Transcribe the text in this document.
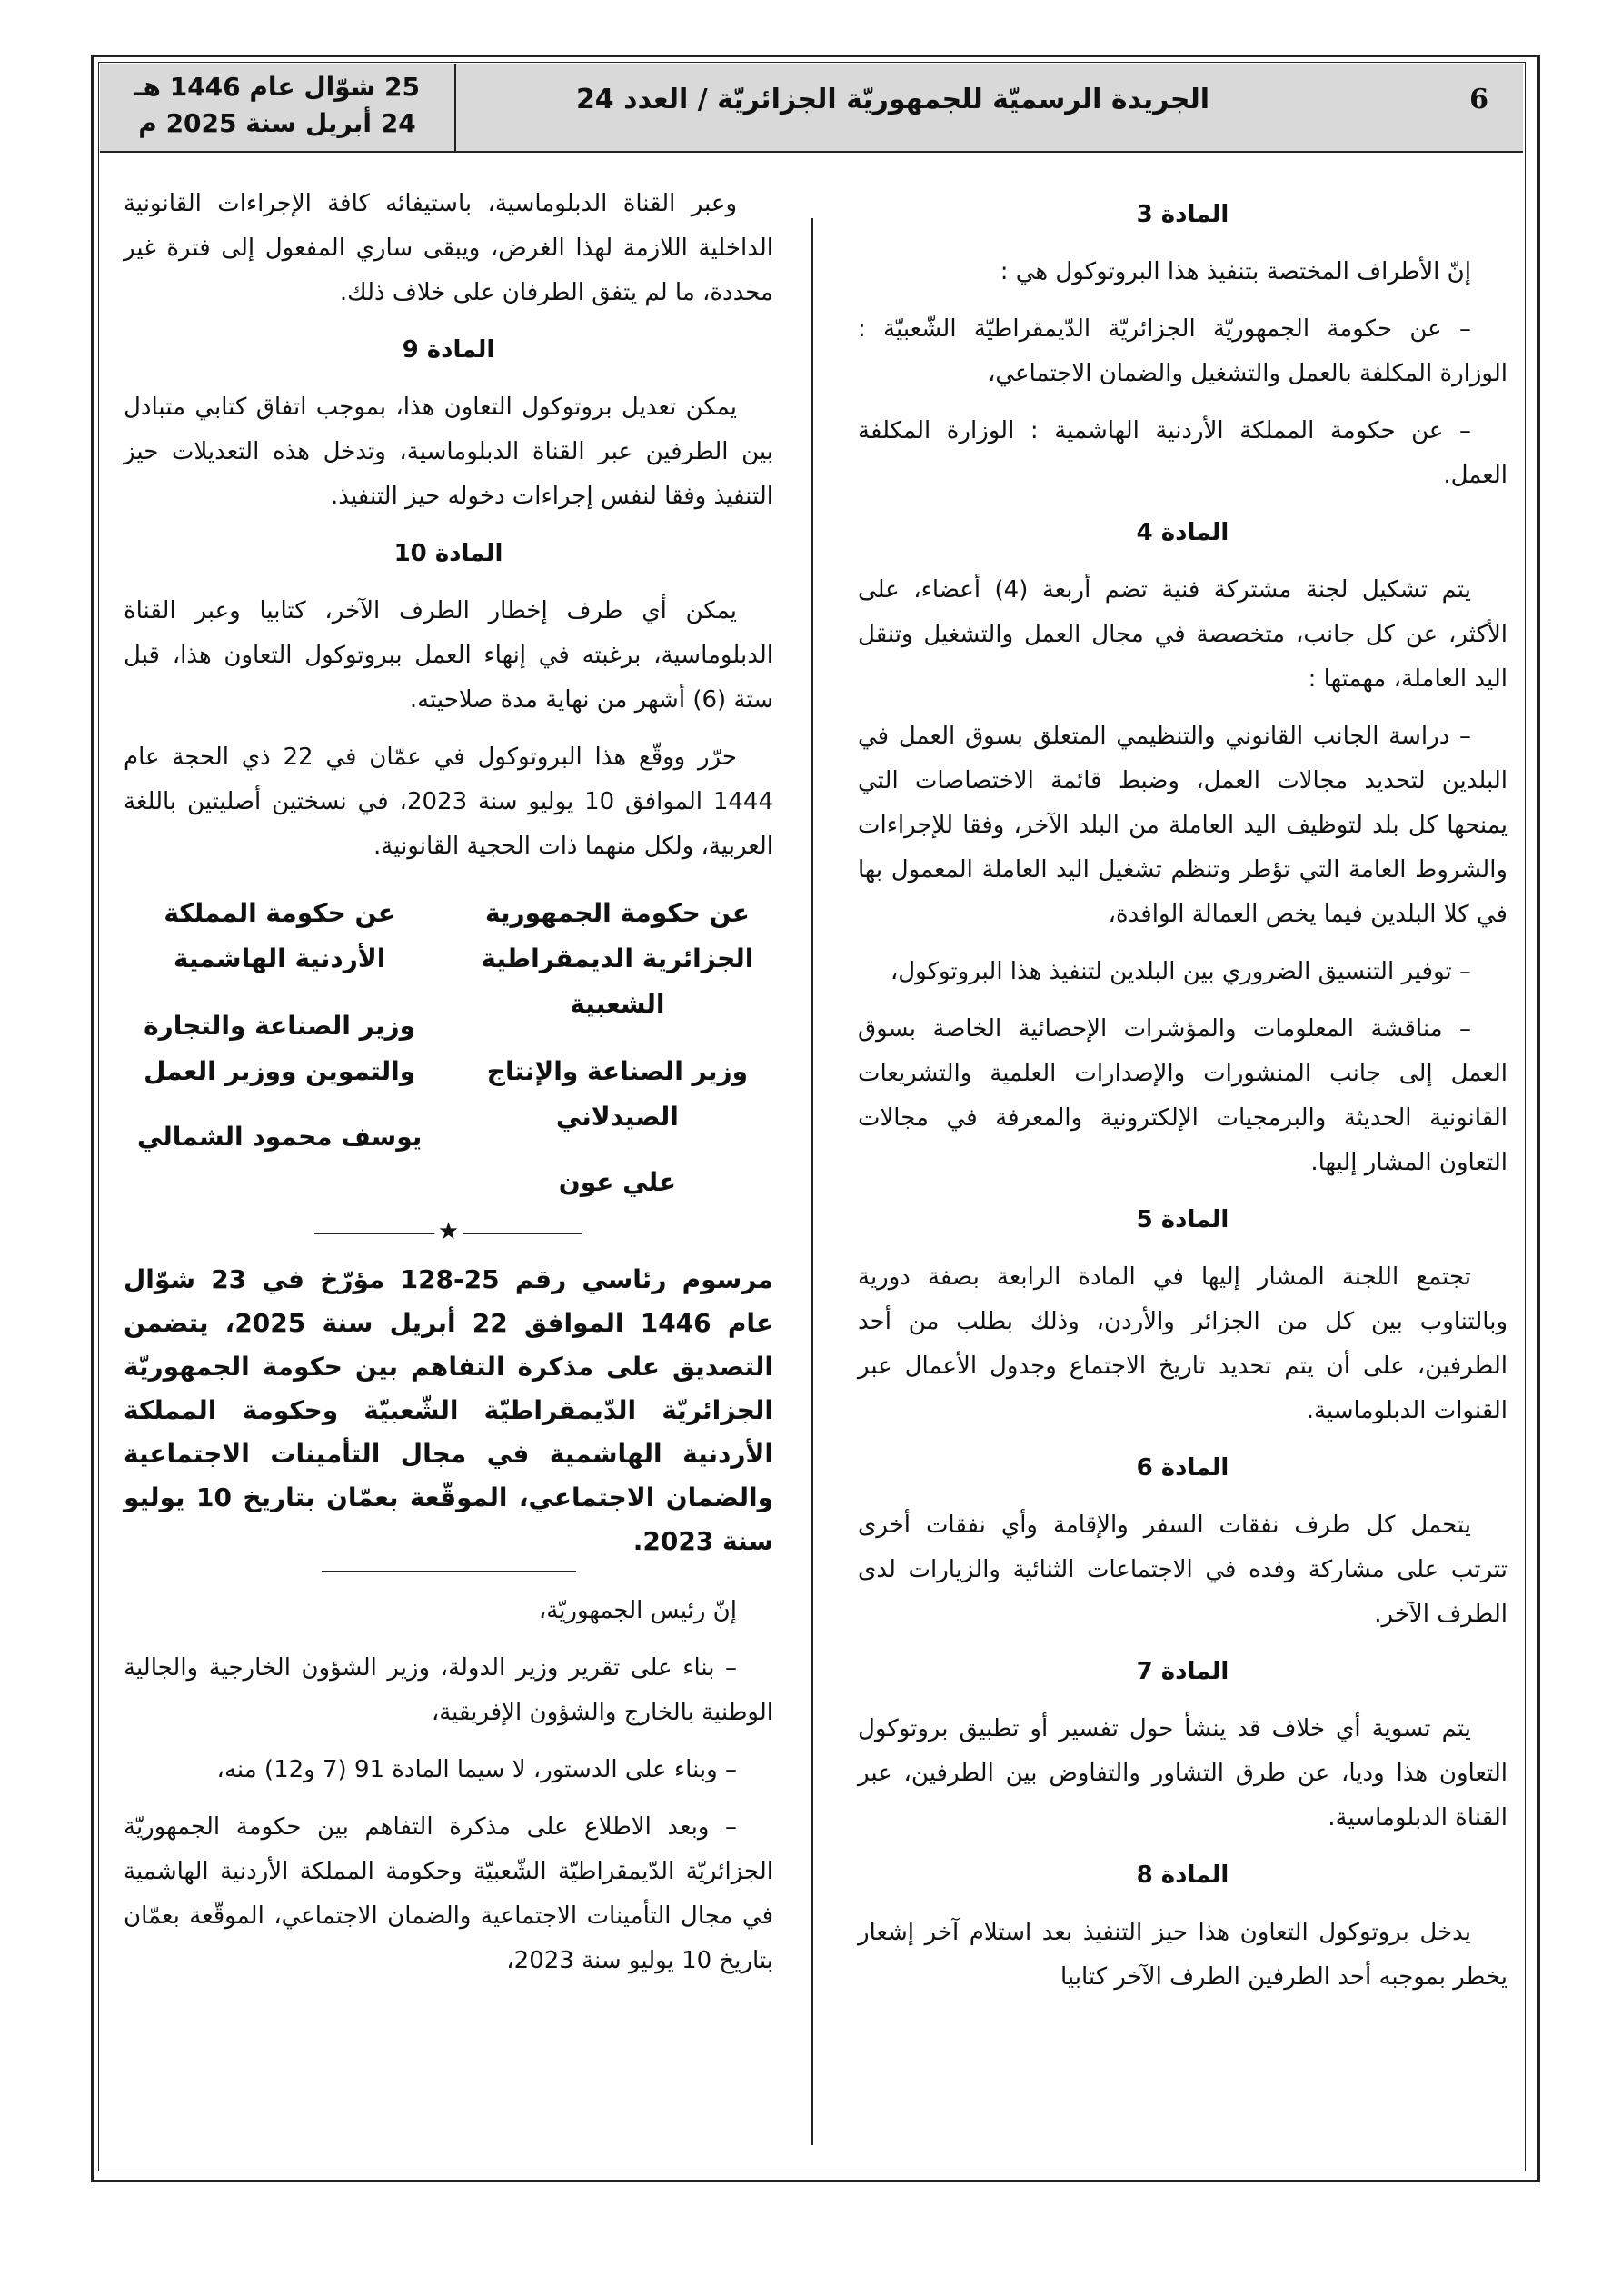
6
الجريدة الرسميّة للجمهوريّة الجزائريّة / العدد 24
25 شوّال عام 1446 هـ
24 أبريل سنة 2025 م
المادة 3

إنّ الأطراف المختصة بتنفيذ هذا البروتوكول هي :

– عن حكومة الجمهوريّة الجزائريّة الدّيمقراطيّة الشّعبيّة : الوزارة المكلفة بالعمل والتشغيل والضمان الاجتماعي،

– عن حكومة المملكة الأردنية الهاشمية : الوزارة المكلفة العمل.

المادة 4

يتم تشكيل لجنة مشتركة فنية تضم أربعة (4) أعضاء، على الأكثر، عن كل جانب، متخصصة في مجال العمل والتشغيل وتنقل اليد العاملة، مهمتها :

– دراسة الجانب القانوني والتنظيمي المتعلق بسوق العمل في البلدين لتحديد مجالات العمل، وضبط قائمة الاختصاصات التي يمنحها كل بلد لتوظيف اليد العاملة من البلد الآخر، وفقا للإجراءات والشروط العامة التي تؤطر وتنظم تشغيل اليد العاملة المعمول بها في كلا البلدين فيما يخص العمالة الوافدة،

– توفير التنسيق الضروري بين البلدين لتنفيذ هذا البروتوكول،

– مناقشة المعلومات والمؤشرات الإحصائية الخاصة بسوق العمل إلى جانب المنشورات والإصدارات العلمية والتشريعات القانونية الحديثة والبرمجيات الإلكترونية والمعرفة في مجالات التعاون المشار إليها.

المادة 5

تجتمع اللجنة المشار إليها في المادة الرابعة بصفة دورية وبالتناوب بين كل من الجزائر والأردن، وذلك بطلب من أحد الطرفين، على أن يتم تحديد تاريخ الاجتماع وجدول الأعمال عبر القنوات الدبلوماسية.

المادة 6

يتحمل كل طرف نفقات السفر والإقامة وأي نفقات أخرى تترتب على مشاركة وفده في الاجتماعات الثنائية والزيارات لدى الطرف الآخر.

المادة 7

يتم تسوية أي خلاف قد ينشأ حول تفسير أو تطبيق بروتوكول التعاون هذا وديا، عن طرق التشاور والتفاوض بين الطرفين، عبر القناة الدبلوماسية.

المادة 8

يدخل بروتوكول التعاون هذا حيز التنفيذ بعد استلام آخر إشعار يخطر بموجبه أحد الطرفين الطرف الآخر كتابيا

وعبر القناة الدبلوماسية، باستيفائه كافة الإجراءات القانونية الداخلية اللازمة لهذا الغرض، ويبقى ساري المفعول إلى فترة غير محددة، ما لم يتفق الطرفان على خلاف ذلك.

المادة 9

يمكن تعديل بروتوكول التعاون هذا، بموجب اتفاق كتابي متبادل بين الطرفين عبر القناة الدبلوماسية، وتدخل هذه التعديلات حيز التنفيذ وفقا لنفس إجراءات دخوله حيز التنفيذ.

المادة 10

يمكن أي طرف إخطار الطرف الآخر، كتابيا وعبر القناة الدبلوماسية، برغبته في إنهاء العمل ببروتوكول التعاون هذا، قبل ستة (6) أشهر من نهاية مدة صلاحيته.

حرّر ووقّع هذا البروتوكول في عمّان في 22 ذي الحجة عام 1444 الموافق 10 يوليو سنة 2023، في نسختين أصليتين باللغة العربية، ولكل منهما ذات الحجية القانونية.

عن حكومة الجمهورية الجزائرية الديمقراطية الشعبية
وزير الصناعة والإنتاج الصيدلاني
علي عون
عن حكومة المملكة الأردنية الهاشمية
وزير الصناعة والتجارة والتموين ووزير العمل
يوسف محمود الشمالي
★
مرسوم رئاسي رقم 25-128 مؤرّخ في 23 شوّال عام 1446 الموافق 22 أبريل سنة 2025، يتضمن التصديق على مذكرة التفاهم بين حكومة الجمهوريّة الجزائريّة الدّيمقراطيّة الشّعبيّة وحكومة المملكة الأردنية الهاشمية في مجال التأمينات الاجتماعية والضمان الاجتماعي، الموقّعة بعمّان بتاريخ 10 يوليو سنة 2023.

إنّ رئيس الجمهوريّة،

– بناء على تقرير وزير الدولة، وزير الشؤون الخارجية والجالية الوطنية بالخارج والشؤون الإفريقية،

– وبناء على الدستور، لا سيما المادة 91 (7 و12) منه،

– وبعد الاطلاع على مذكرة التفاهم بين حكومة الجمهوريّة الجزائريّة الدّيمقراطيّة الشّعبيّة وحكومة المملكة الأردنية الهاشمية في مجال التأمينات الاجتماعية والضمان الاجتماعي، الموقّعة بعمّان بتاريخ 10 يوليو سنة 2023،
